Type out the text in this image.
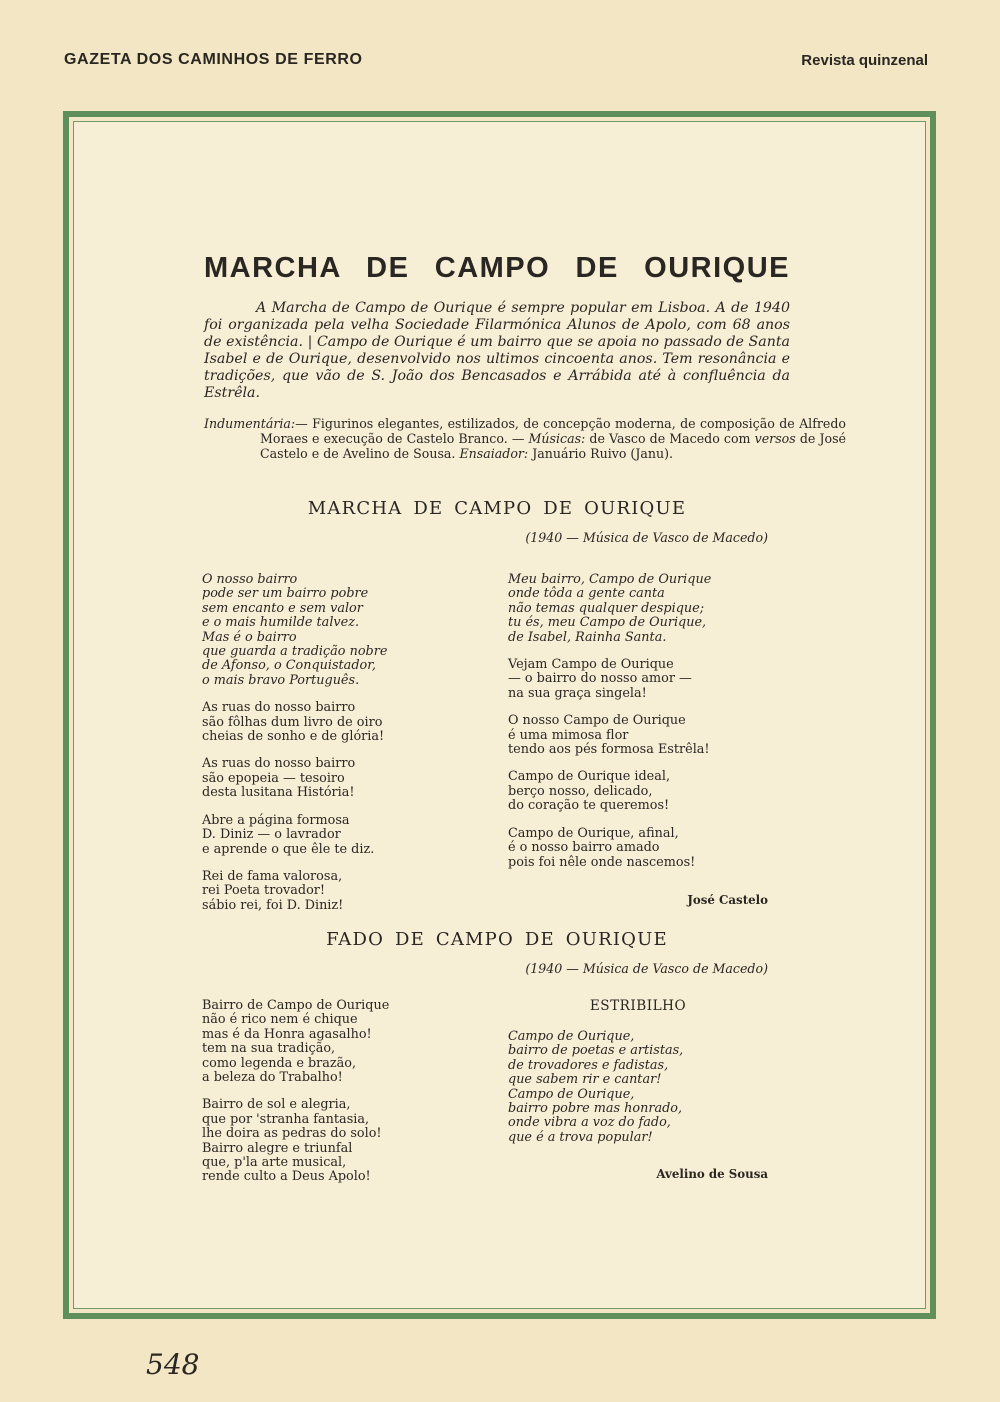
GAZETA DOS CAMINHOS DE FERRO	Revista quinzenal
MARCHA DE CAMPO DE OURIQUE

A Marcha de Campo de Ourique é sempre popular em Lisboa. A de 1940 foi organizada pela velha Sociedade Filarmónica Alunos de Apolo, com 68 anos de existência. | Campo de Ourique é um bairro que se apoia no passado de Santa Isabel e de Ourique, desenvolvido nos ultimos cincoenta anos. Tem resonância e tradições, que vão de S. João dos Bencasados e Arrábida até à confluência da Estrêla.

Indumentária:— Figurinos elegantes, estilizados, de concepção moderna, de composição de Alfredo Moraes e execução de Castelo Branco. — Músicas: de Vasco de Macedo com versos de José Castelo e de Avelino de Sousa. Ensaiador: Januário Ruivo (Janu).

MARCHA DE CAMPO DE OURIQUE
(1940 — Música de Vasco de Macedo)
O nosso bairro
pode ser um bairro pobre
sem encanto e sem valor
e o mais humilde talvez.
Mas é o bairro
que guarda a tradição nobre
de Afonso, o Conquistador,
o mais bravo Português.
As ruas do nosso bairro
são fôlhas dum livro de oiro
cheias de sonho e de glória!
As ruas do nosso bairro
são epopeia — tesoiro
desta lusitana História!
Abre a página formosa
D. Diniz — o lavrador
e aprende o que êle te diz.
Rei de fama valorosa,
rei Poeta trovador!
sábio rei, foi D. Diniz!
Meu bairro, Campo de Ourique
onde tôda a gente canta
não temas qualquer despique;
tu és, meu Campo de Ourique,
de Isabel, Rainha Santa.
Vejam Campo de Ourique
— o bairro do nosso amor —
na sua graça singela!
O nosso Campo de Ourique
é uma mimosa flor
tendo aos pés formosa Estrêla!
Campo de Ourique ideal,
berço nosso, delicado,
do coração te queremos!
Campo de Ourique, afinal,
é o nosso bairro amado
pois foi nêle onde nascemos!
José Castelo
FADO DE CAMPO DE OURIQUE
(1940 — Música de Vasco de Macedo)
Bairro de Campo de Ourique
não é rico nem é chique
mas é da Honra agasalho!
tem na sua tradição,
como legenda e brazão,
a beleza do Trabalho!
Bairro de sol e alegria,
que por 'stranha fantasia,
lhe doira as pedras do solo!
Bairro alegre e triunfal
que, p'la arte musical,
rende culto a Deus Apolo!
ESTRIBILHO
Campo de Ourique,
bairro de poetas e artistas,
de trovadores e fadistas,
que sabem rir e cantar!
Campo de Ourique,
bairro pobre mas honrado,
onde vibra a voz do fado,
que é a trova popular!
Avelino de Sousa
548
